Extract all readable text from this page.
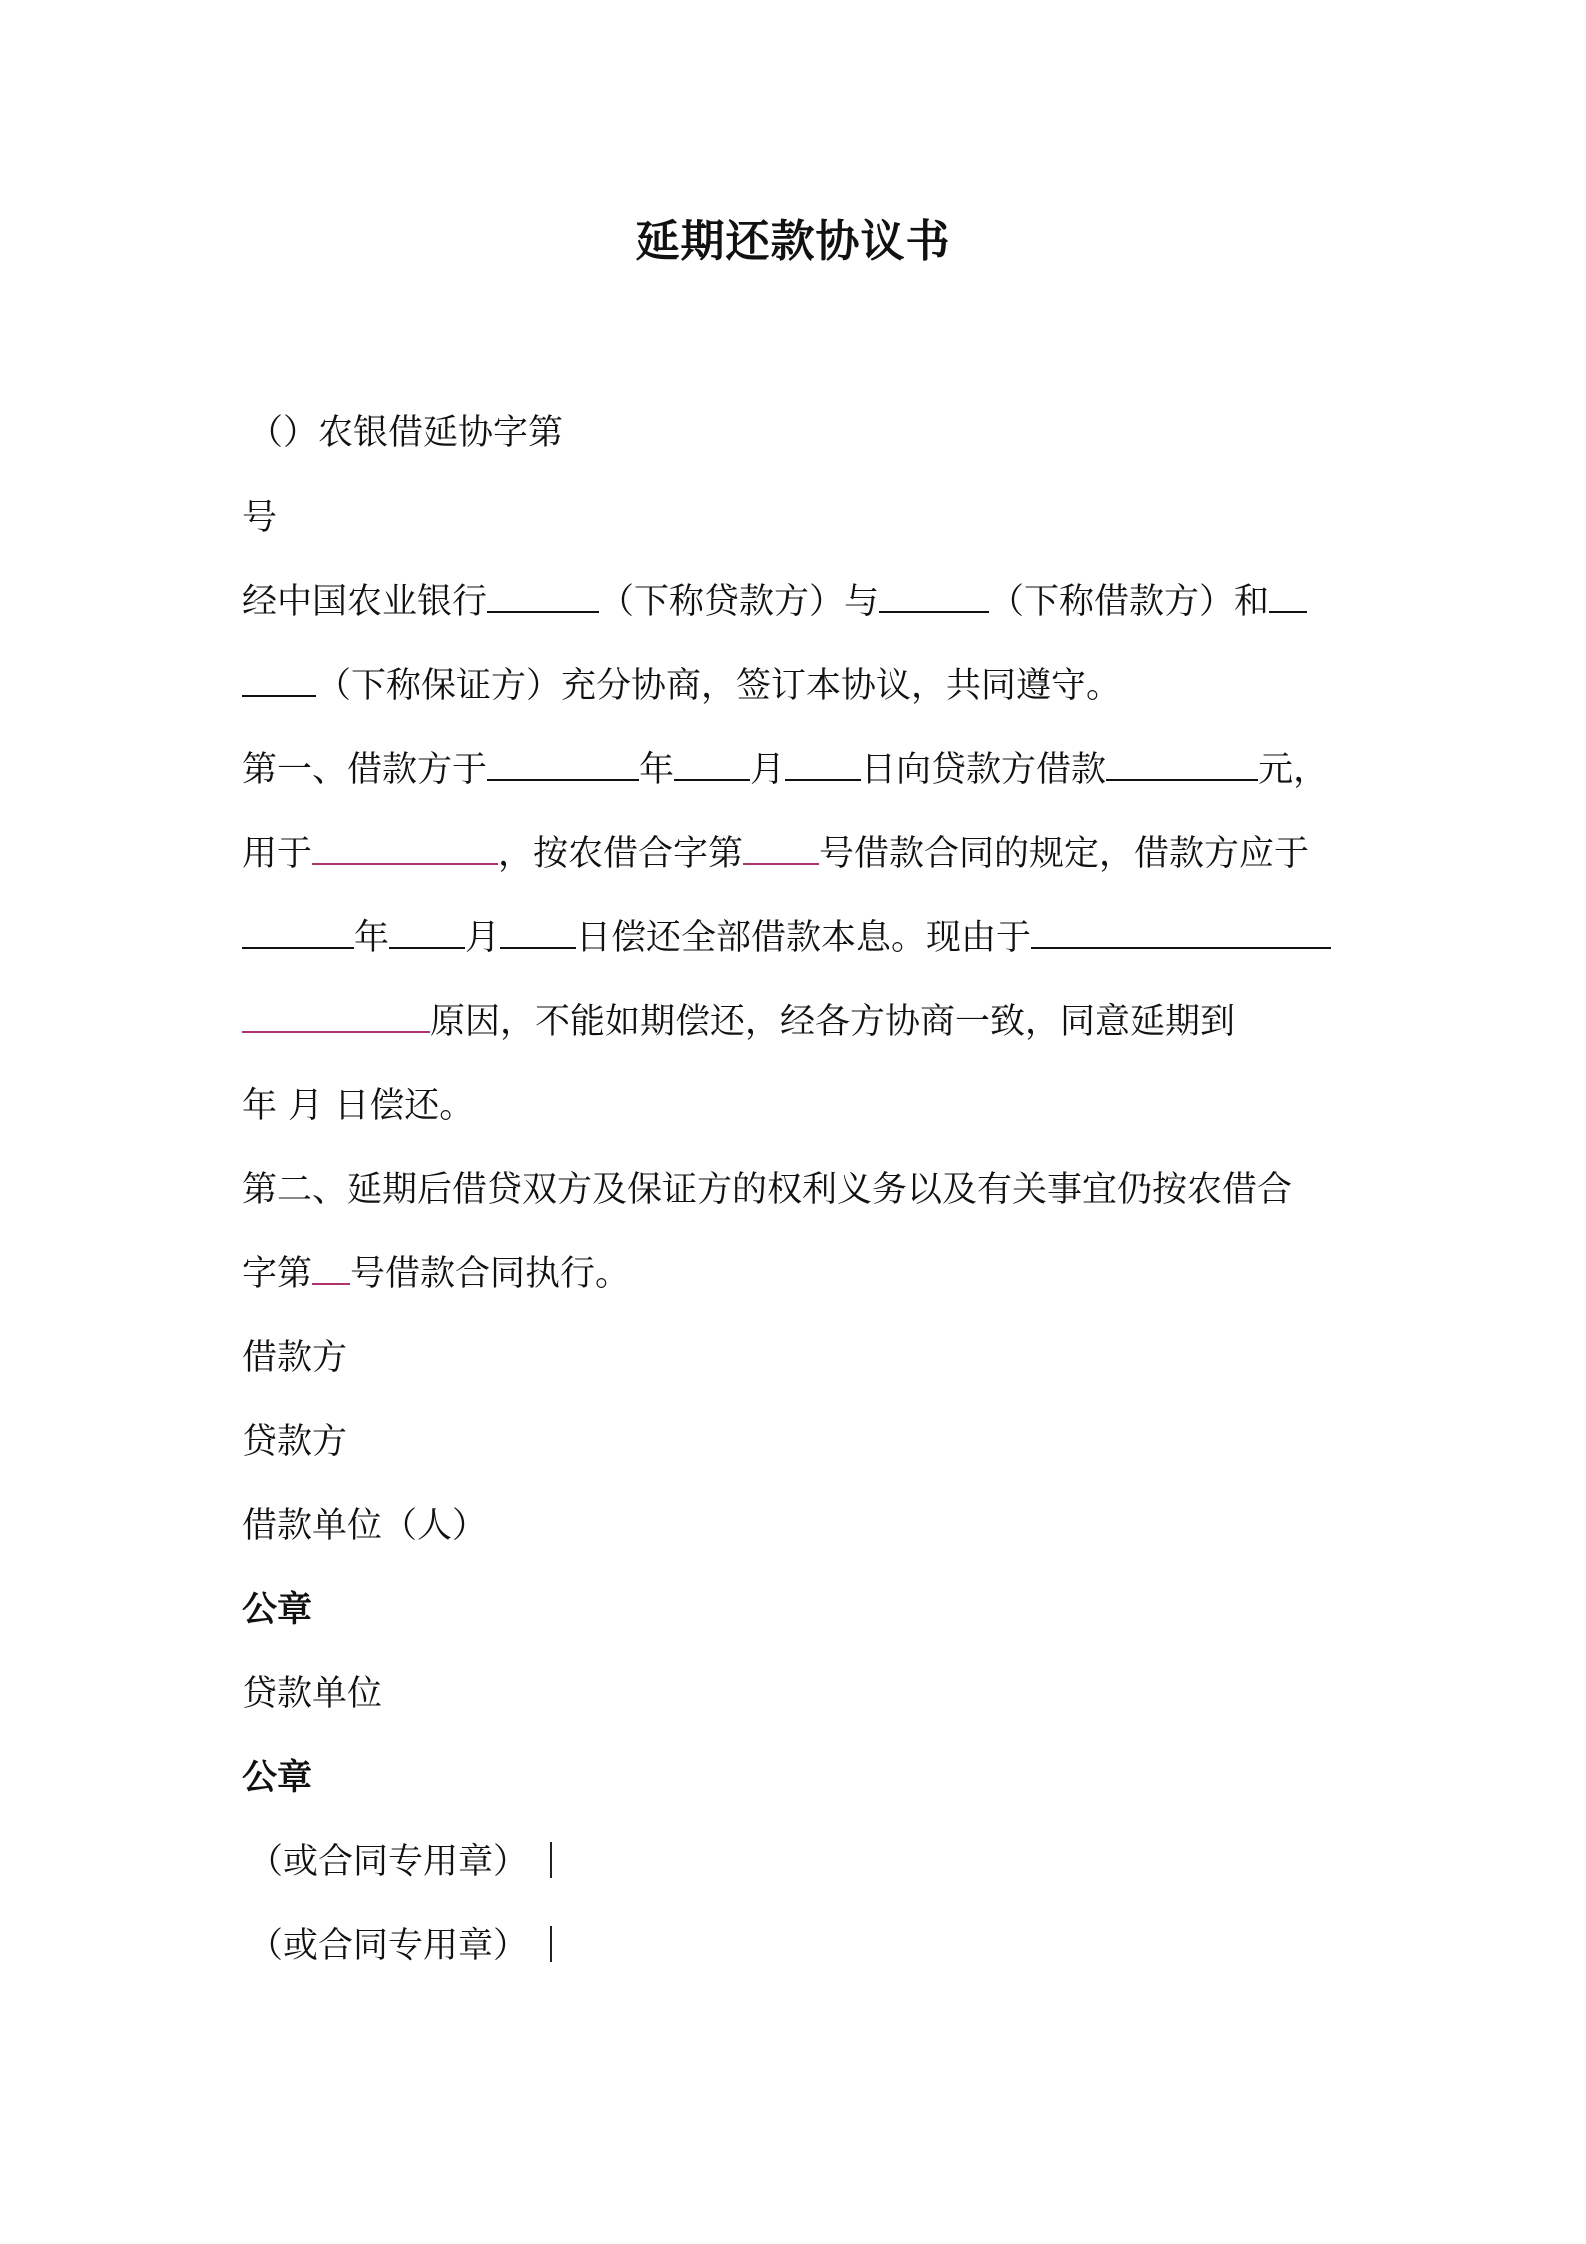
延期还款协议书
（）农银借延协字第
号
经中国农业银行	（下称贷款方）与	（下称借款方）和
（下称保证方）充分协商，签订本协议，共同遵守。
第一、借款方于	年 月 日向贷款方借款	元，
用于	，按农借合字第 号借款合同的规定，借款方应于
年 月 日偿还全部借款本息。现由于
原因，不能如期偿还，经各方协商一致，同意延期到
年 月 日偿还。
第二、延期后借贷双方及保证方的权利义务以及有关事宜仍按农借合
字第 号借款合同执行。
借款方
贷款方
借款单位（人）
公章
贷款单位
公章
（或合同专用章）
（或合同专用章）
